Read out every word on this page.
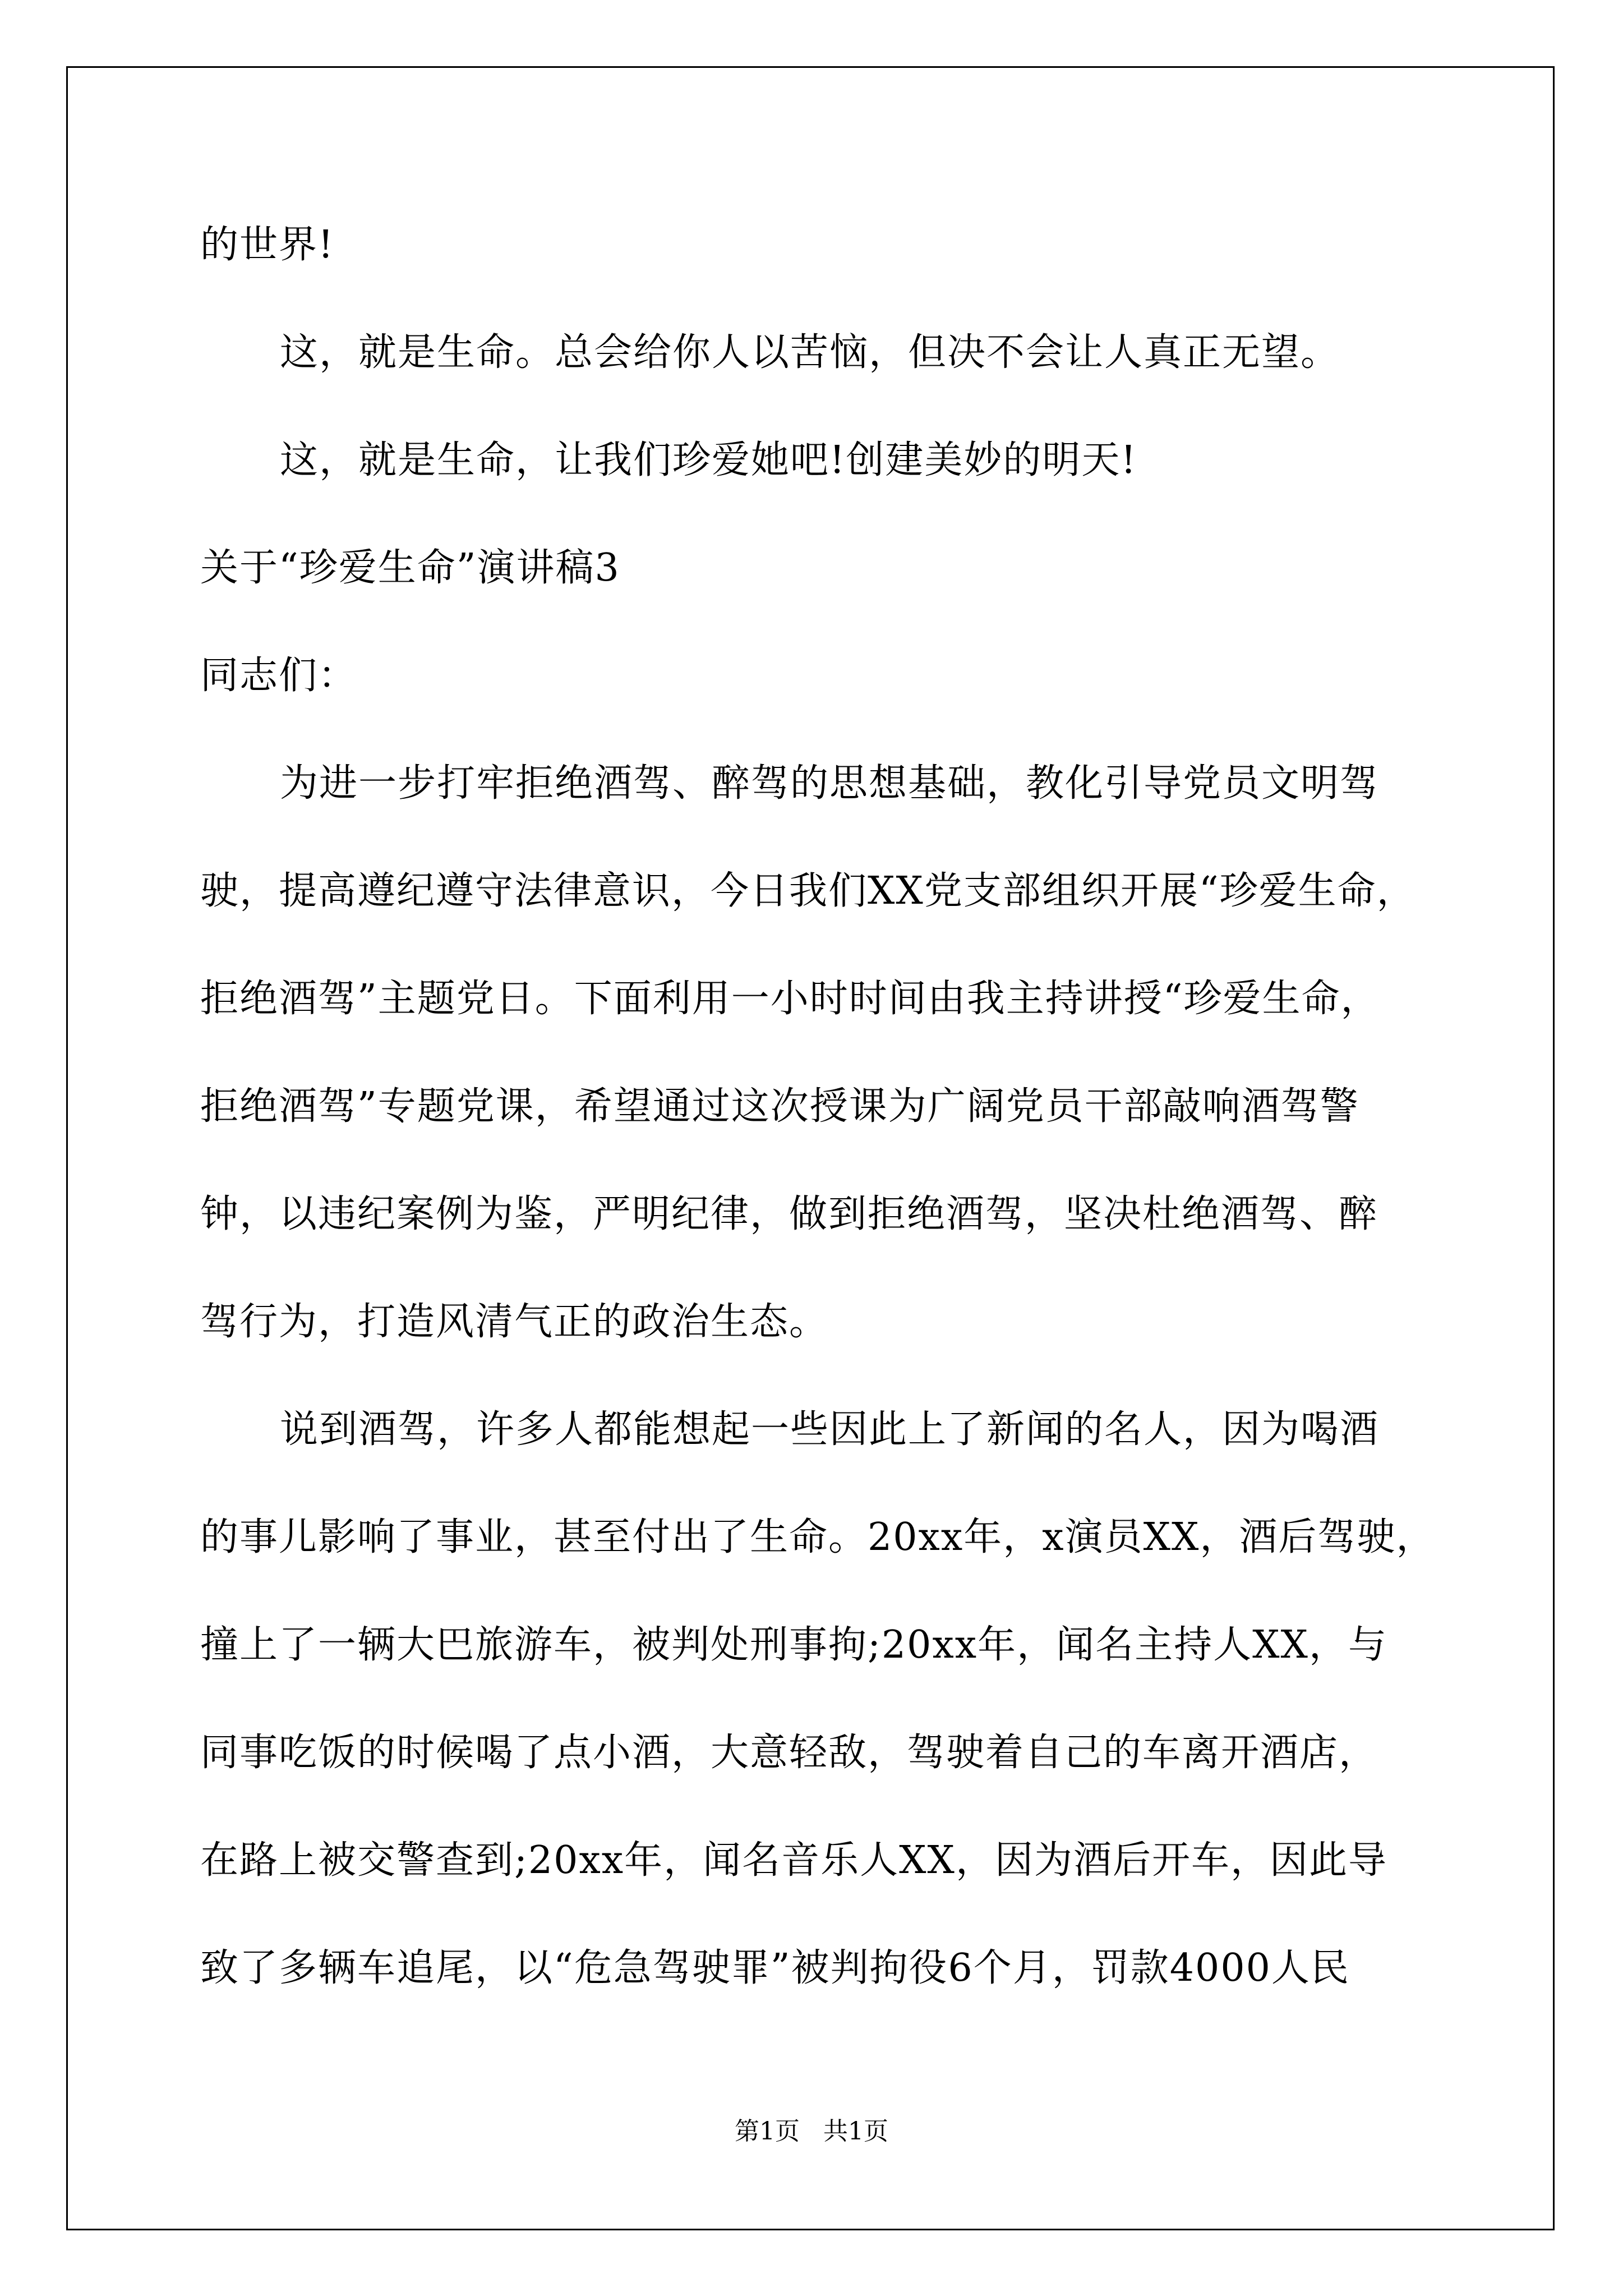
的世界!
这，就是生命。总会给你人以苦恼，但决不会让人真正无望。
这，就是生命，让我们珍爱她吧!创建美妙的明天!
关于“珍爱生命”演讲稿3
同志们：
为进一步打牢拒绝酒驾、醉驾的思想基础，教化引导党员文明驾
驶，提高遵纪遵守法律意识，今日我们XX党支部组织开展“珍爱生命，
拒绝酒驾”主题党日。下面利用一小时时间由我主持讲授“珍爱生命，
拒绝酒驾”专题党课，希望通过这次授课为广阔党员干部敲响酒驾警
钟，以违纪案例为鉴，严明纪律，做到拒绝酒驾，坚决杜绝酒驾、醉
驾行为，打造风清气正的政治生态。
说到酒驾，许多人都能想起一些因此上了新闻的名人，因为喝酒
的事儿影响了事业，甚至付出了生命。20xx年，x演员XX，酒后驾驶，
撞上了一辆大巴旅游车，被判处刑事拘;20xx年，闻名主持人XX，与
同事吃饭的时候喝了点小酒，大意轻敌，驾驶着自己的车离开酒店，
在路上被交警查到;20xx年，闻名音乐人XX，因为酒后开车，因此导
致了多辆车追尾，以“危急驾驶罪”被判拘役6个月，罚款4000人民
第1页   共1页
